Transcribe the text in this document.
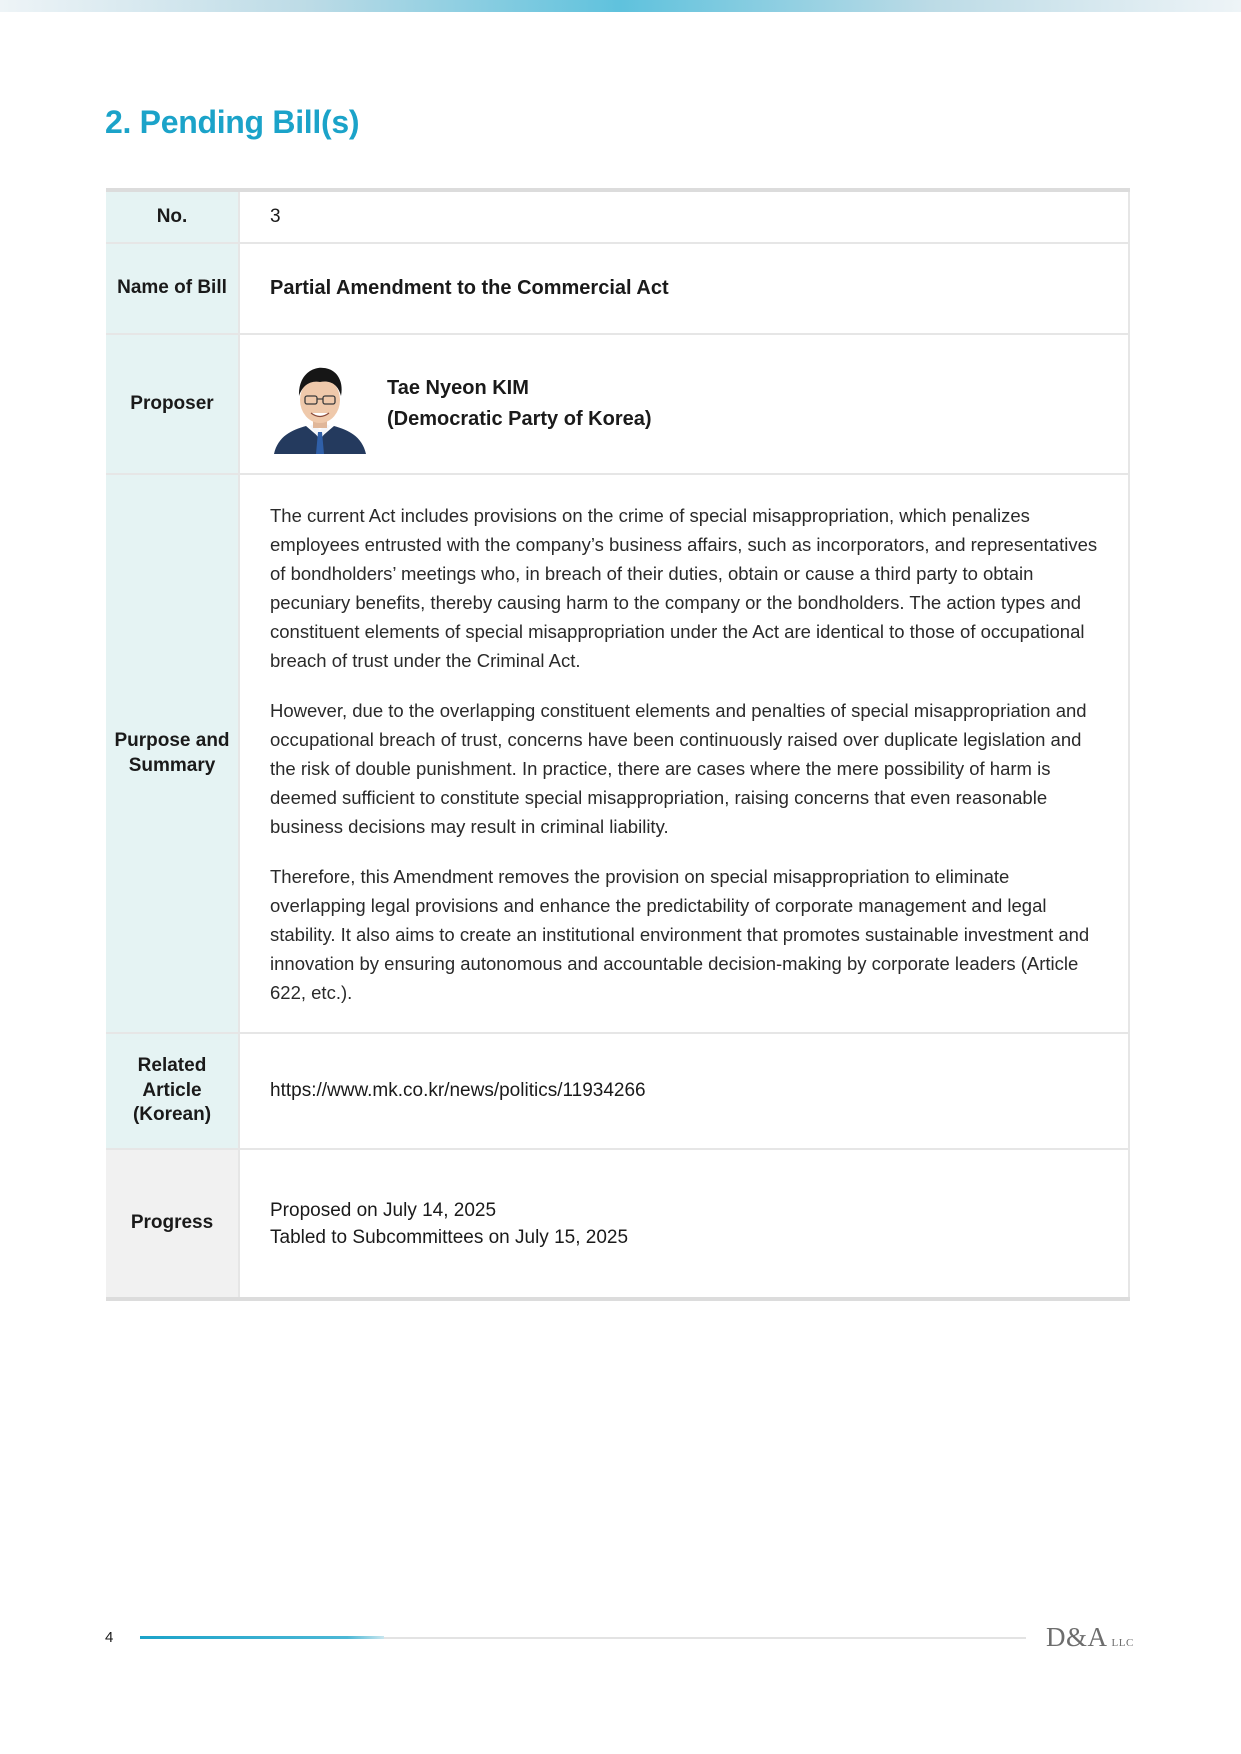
2. Pending Bill(s)
No.	3
Name of Bill	Partial Amendment to the Commercial Act
Proposer	Tae Nyeon KIM
(Democratic Party of Korea)

Purpose and Summary	The current Act includes provisions on the crime of special misappropriation, which penalizes employees entrusted with the company’s business affairs, such as incorporators, and representatives of bondholders’ meetings who, in breach of their duties, obtain or cause a third party to obtain pecuniary benefits, thereby causing harm to the company or the bondholders. The action types and constituent elements of special misappropriation under the Act are identical to those of occupational breach of trust under the Criminal Act.

However, due to the overlapping constituent elements and penalties of special misappropriation and occupational breach of trust, concerns have been continuously raised over duplicate legislation and the risk of double punishment. In practice, there are cases where the mere possibility of harm is deemed sufficient to constitute special misappropriation, raising concerns that even reasonable business decisions may result in criminal liability.

Therefore, this Amendment removes the provision on special misappropriation to eliminate overlapping legal provisions and enhance the predictability of corporate management and legal stability. It also aims to create an institutional environment that promotes sustainable investment and innovation by ensuring autonomous and accountable decision-making by corporate leaders (Article 622, etc.).

Related Article (Korean)	https://www.mk.co.kr/news/politics/11934266
Progress	Proposed on July 14, 2025
Tabled to Subcommittees on July 15, 2025
4	D&A LLC
